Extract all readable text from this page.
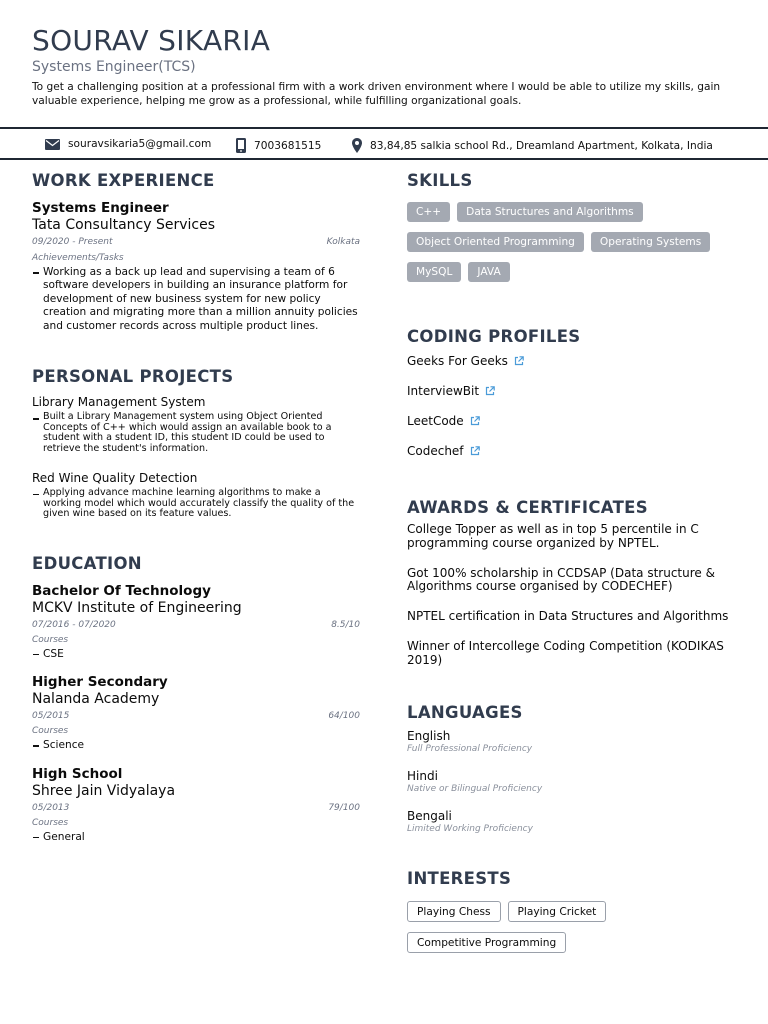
SOURAV SIKARIA
Systems Engineer(TCS)
To get a challenging position at a professional firm with a work driven environment where I would be able to utilize my skills, gain valuable experience, helping me grow as a professional, while fulfilling organizational goals.
souravsikaria5@gmail.com	7003681515	83,84,85 salkia school Rd., Dreamland Apartment, Kolkata, India
WORK EXPERIENCE
Systems Engineer
Tata Consultancy Services
09/2020 - Present	Kolkata
Achievements/Tasks
Working as a back up lead and supervising a team of 6 software developers in building an insurance platform for development of new business system for new policy creation and migrating more than a million annuity policies and customer records across multiple product lines.
PERSONAL PROJECTS
Library Management System
Built a Library Management system using Object Oriented Concepts of C++ which would assign an available book to a student with a student ID, this student ID could be used to retrieve the student's information.
Red Wine Quality Detection
Applying advance machine learning algorithms to make a working model which would accurately classify the quality of the given wine based on its feature values.
EDUCATION
Bachelor Of Technology
MCKV Institute of Engineering
07/2016 - 07/2020	8.5/10
Courses
CSE
Higher Secondary
Nalanda Academy
05/2015	64/100
Courses
Science
High School
Shree Jain Vidyalaya
05/2013	79/100
Courses
General
SKILLS
C++	Data Structures and Algorithms
Object Oriented Programming	Operating Systems
MySQL	JAVA
CODING PROFILES
Geeks For Geeks
InterviewBit
LeetCode
Codechef
AWARDS & CERTIFICATES
College Topper as well as in top 5 percentile in C programming course organized by NPTEL.
Got 100% scholarship in CCDSAP (Data structure & Algorithms course organised by CODECHEF)
NPTEL certification in Data Structures and Algorithms
Winner of Intercollege Coding Competition (KODIKAS 2019)
LANGUAGES
English
Full Professional Proficiency
Hindi
Native or Bilingual Proficiency
Bengali
Limited Working Proficiency
INTERESTS
Playing Chess	Playing Cricket
Competitive Programming
